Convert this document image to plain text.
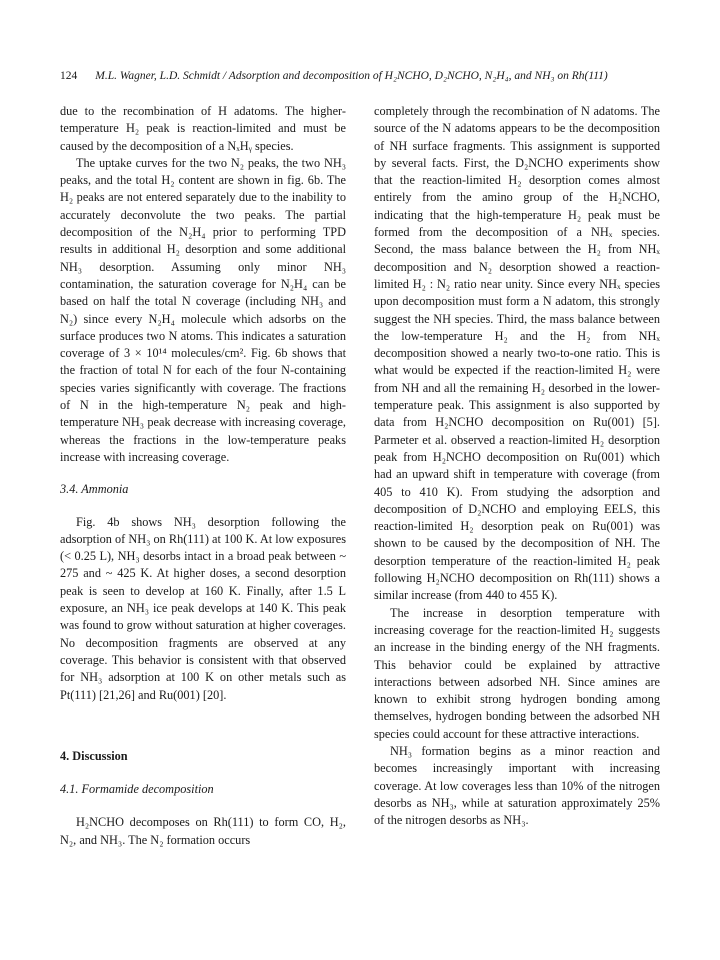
124 M.L. Wagner, L.D. Schmidt / Adsorption and decomposition of H₂NCHO, D₂NCHO, N₂H₄, and NH₃ on Rh(111)

due to the recombination of H adatoms. The higher-temperature H₂ peak is reaction-limited and must be caused by the decomposition of a NₓHᵧ species.

The uptake curves for the two N₂ peaks, the two NH₃ peaks, and the total H₂ content are shown in fig. 6b. The H₂ peaks are not entered separately due to the inability to accurately deconvolute the two peaks. The partial decomposition of the N₂H₄ prior to performing TPD results in additional H₂ desorption and some additional NH₃ desorption. Assuming only minor NH₃ contamination, the saturation coverage for N₂H₄ can be based on half the total N coverage (including NH₃ and N₂) since every N₂H₄ molecule which adsorbs on the surface produces two N atoms. This indicates a saturation coverage of 3 × 10¹⁴ molecules/cm². Fig. 6b shows that the fraction of total N for each of the four N-containing species varies significantly with coverage. The fractions of N in the high-temperature N₂ peak and high-temperature NH₃ peak decrease with increasing coverage, whereas the fractions in the low-temperature peaks increase with increasing coverage.

3.4. Ammonia

Fig. 4b shows NH₃ desorption following the adsorption of NH₃ on Rh(111) at 100 K. At low exposures (< 0.25 L), NH₃ desorbs intact in a broad peak between ~ 275 and ~ 425 K. At higher doses, a second desorption peak is seen to develop at 160 K. Finally, after 1.5 L exposure, an NH₃ ice peak develops at 140 K. This peak was found to grow without saturation at higher coverages. No decomposition fragments are observed at any coverage. This behavior is consistent with that observed for NH₃ adsorption at 100 K on other metals such as Pt(111) [21,26] and Ru(001) [20].

4. Discussion
4.1. Formamide decomposition

H₂NCHO decomposes on Rh(111) to form CO, H₂, N₂, and NH₃. The N₂ formation occurs

completely through the recombination of N adatoms. The source of the N adatoms appears to be the decomposition of NH surface fragments. This assignment is supported by several facts. First, the D₂NCHO experiments show that the reaction-limited H₂ desorption comes almost entirely from the amino group of the H₂NCHO, indicating that the high-temperature H₂ peak must be formed from the decomposition of a NHₓ species. Second, the mass balance between the H₂ from NHₓ decomposition and N₂ desorption showed a reaction-limited H₂ : N₂ ratio near unity. Since every NHₓ species upon decomposition must form a N adatom, this strongly suggest the NH species. Third, the mass balance between the low-temperature H₂ and the H₂ from NHₓ decomposition showed a nearly two-to-one ratio. This is what would be expected if the reaction-limited H₂ were from NH and all the remaining H₂ desorbed in the lower-temperature peak. This assignment is also supported by data from H₂NCHO decomposition on Ru(001) [5]. Parmeter et al. observed a reaction-limited H₂ desorption peak from H₂NCHO decomposition on Ru(001) which had an upward shift in temperature with coverage (from 405 to 410 K). From studying the adsorption and decomposition of D₂NCHO and employing EELS, this reaction-limited H₂ desorption peak on Ru(001) was shown to be caused by the decomposition of NH. The desorption temperature of the reaction-limited H₂ peak following H₂NCHO decomposition on Rh(111) shows a similar increase (from 440 to 455 K).

The increase in desorption temperature with increasing coverage for the reaction-limited H₂ suggests an increase in the binding energy of the NH fragments. This behavior could be explained by attractive interactions between adsorbed NH. Since amines are known to exhibit strong hydrogen bonding among themselves, hydrogen bonding between the adsorbed NH species could account for these attractive interactions.

NH₃ formation begins as a minor reaction and becomes increasingly important with increasing coverage. At low coverages less than 10% of the nitrogen desorbs as NH₃, while at saturation approximately 25% of the nitrogen desorbs as NH₃.
